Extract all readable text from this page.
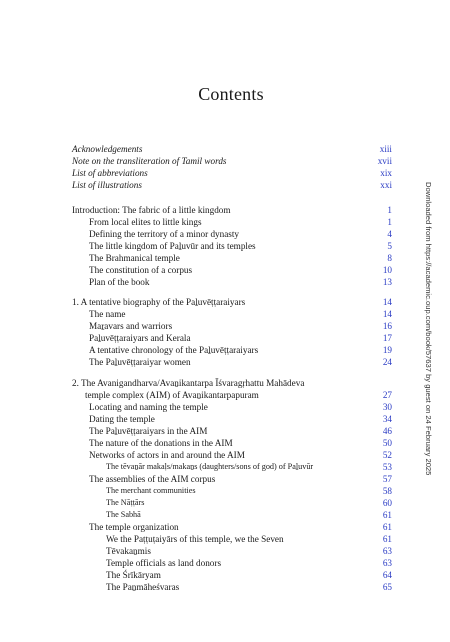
Contents
Acknowledgements	xiii
Note on the transliteration of Tamil words	xvii
List of abbreviations	xix
List of illustrations	xxi
Introduction: The fabric of a little kingdom	1
From local elites to little kings	1
Defining the territory of a minor dynasty	4
The little kingdom of Paḻuvūr and its temples	5
The Brahmanical temple	8
The constitution of a corpus	10
Plan of the book	13
1. A tentative biography of the Paḻuvēṭṭaraiyars	14
The name	14
Maṟavars and warriors	16
Paḻuvēṭṭaraiyars and Kerala	17
A tentative chronology of the Paḻuvēṭṭaraiyars	19
The Paḻuvēṭṭaraiyar women	24
2. The Avanigandharva/Avaṉikantarpa Īśvaragṛhattu Mahādeva
temple complex (AIM) of Avaṉikantarpapuram	27
Locating and naming the temple	30
Dating the temple	34
The Paḻuvēṭṭaraiyars in the AIM	46
The nature of the donations in the AIM	50
Networks of actors in and around the AIM	52
The tēvaṉār makaḷs/makaṉs (daughters/sons of god) of Paḻuvūr	53
The assemblies of the AIM corpus	57
The merchant communities	58
The Nāṭṭārs	60
The Sabhā	61
The temple organization	61
We the Paṭṭuṭaiyārs of this temple, we the Seven	61
Tēvakaṉmis	63
Temple officials as land donors	63
The Śrīkāryam	64
The Paṉmāheśvaras	65
Downloaded from https://academic.oup.com/book/57637 by guest on 24 February 2025
